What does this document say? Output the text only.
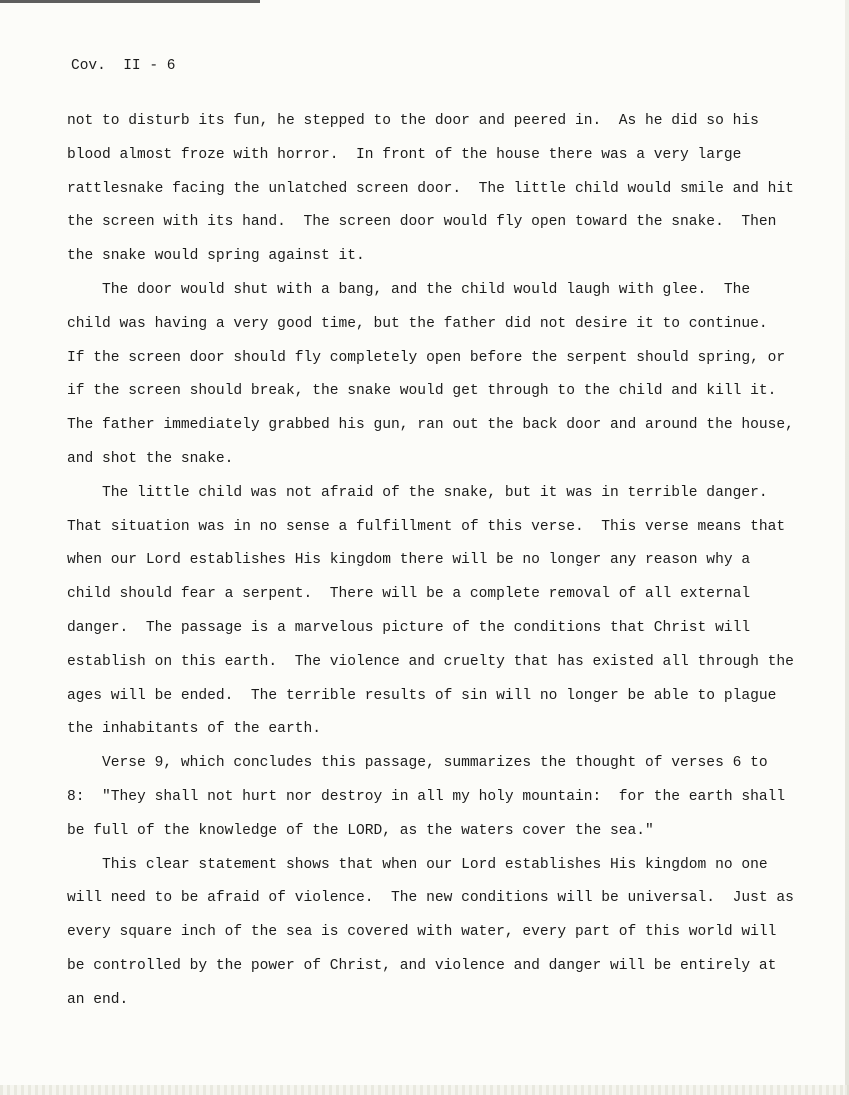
Cov.  II - 6
not to disturb its fun, he stepped to the door and peered in.  As he did so his
blood almost froze with horror.  In front of the house there was a very large
rattlesnake facing the unlatched screen door.  The little child would smile and hit
the screen with its hand.  The screen door would fly open toward the snake.  Then
the snake would spring against it.
The door would shut with a bang, and the child would laugh with glee.  The
child was having a very good time, but the father did not desire it to continue.
If the screen door should fly completely open before the serpent should spring, or
if the screen should break, the snake would get through to the child and kill it.
The father immediately grabbed his gun, ran out the back door and around the house,
and shot the snake.
The little child was not afraid of the snake, but it was in terrible danger.
That situation was in no sense a fulfillment of this verse.  This verse means that
when our Lord establishes His kingdom there will be no longer any reason why a
child should fear a serpent.  There will be a complete removal of all external
danger.  The passage is a marvelous picture of the conditions that Christ will
establish on this earth.  The violence and cruelty that has existed all through the
ages will be ended.  The terrible results of sin will no longer be able to plague
the inhabitants of the earth.
Verse 9, which concludes this passage, summarizes the thought of verses 6 to
8:  "They shall not hurt nor destroy in all my holy mountain:  for the earth shall
be full of the knowledge of the LORD, as the waters cover the sea."
This clear statement shows that when our Lord establishes His kingdom no one
will need to be afraid of violence.  The new conditions will be universal.  Just as
every square inch of the sea is covered with water, every part of this world will
be controlled by the power of Christ, and violence and danger will be entirely at
an end.
